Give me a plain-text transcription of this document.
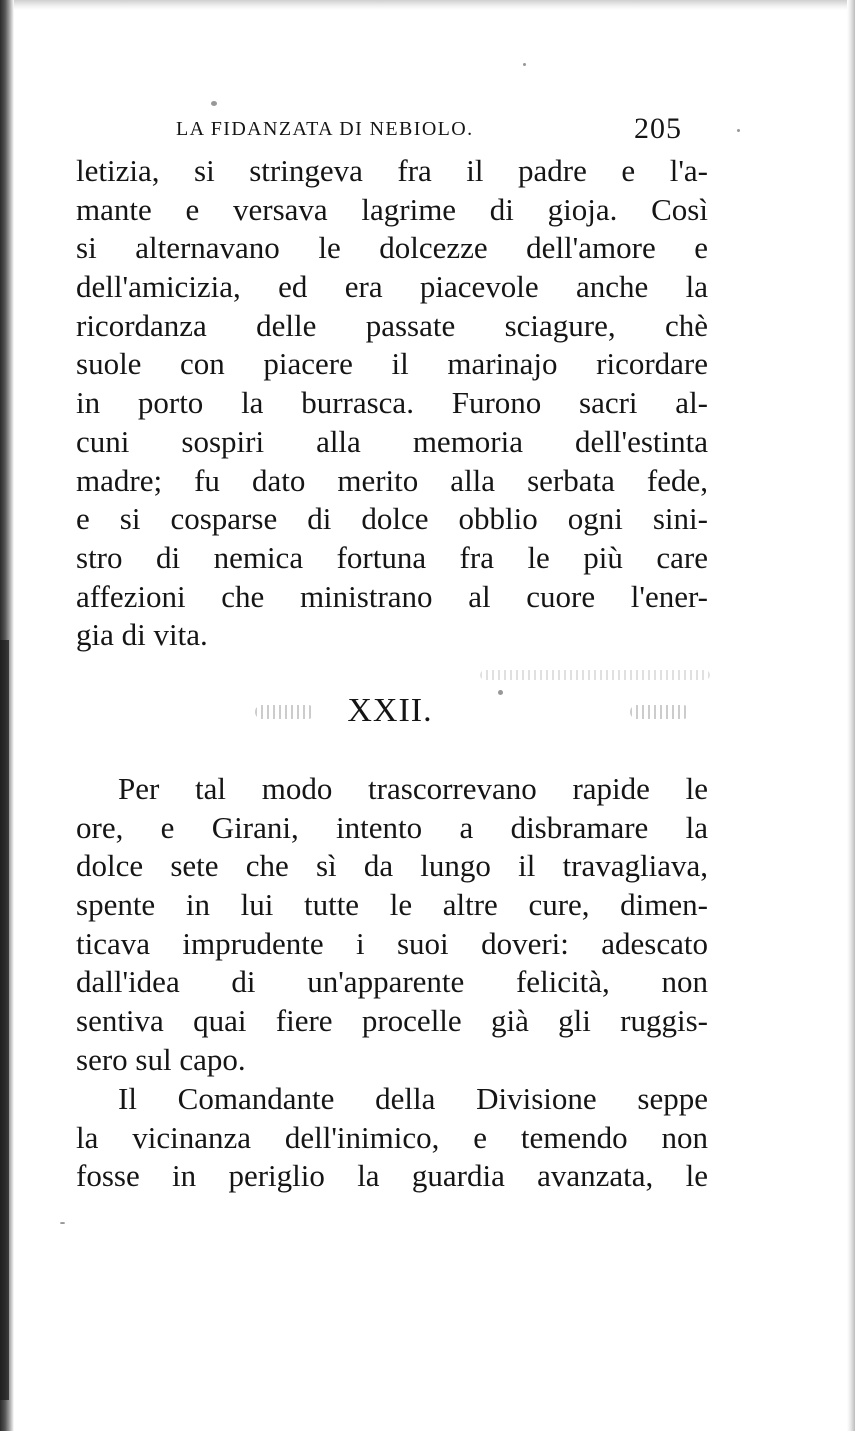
LA FIDANZATA DI NEBIOLO.	205
letizia, si stringeva fra il padre e l'a-
mante e versava lagrime di gioja. Così
si alternavano le dolcezze dell'amore e
dell'amicizia, ed era piacevole anche la
ricordanza delle passate sciagure, chè
suole con piacere il marinajo ricordare
in porto la burrasca. Furono sacri al-
cuni sospiri alla memoria dell'estinta
madre; fu dato merito alla serbata fede,
e si cosparse di dolce obblio ogni sini-
stro di nemica fortuna fra le più care
affezioni che ministrano al cuore l'ener-
gia di vita.
XXII.
Per tal modo trascorrevano rapide le
ore, e Girani, intento a disbramare la
dolce sete che sì da lungo il travagliava,
spente in lui tutte le altre cure, dimen-
ticava imprudente i suoi doveri: adescato
dall'idea di un'apparente felicità, non
sentiva quai fiere procelle già gli ruggis-
sero sul capo.
Il Comandante della Divisione seppe
la vicinanza dell'inimico, e temendo non
fosse in periglio la guardia avanzata, le
